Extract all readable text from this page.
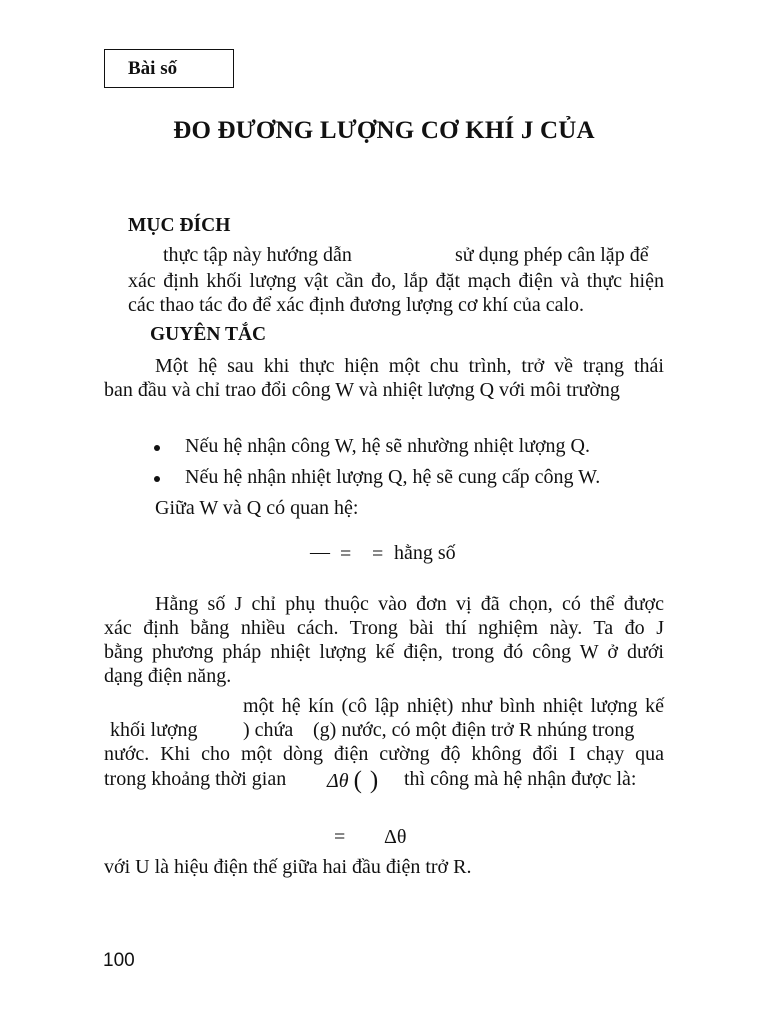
Bài số
ĐO ĐƯƠNG LƯỢNG CƠ KHÍ J CỦA
MỤC ĐÍCH
thực tập này hướng dẫn	sử dụng phép cân lặp để
xác định khối lượng vật cần đo, lắp đặt mạch điện và thực hiện
các thao tác đo để xác định đương lượng cơ khí của calo.
GUYÊN TẮC
Một hệ sau khi thực hiện một chu trình, trở về trạng thái
ban đầu và chỉ trao đổi công W và nhiệt lượng Q với môi trường
Nếu hệ nhận công W, hệ sẽ nhường nhiệt lượng Q.
Nếu hệ nhận nhiệt lượng Q, hệ sẽ cung cấp công W.
Giữa W và Q có quan hệ:
— = = hằng số
Hằng số J chỉ phụ thuộc vào đơn vị đã chọn, có thể được
xác định bằng nhiều cách. Trong bài thí nghiệm này. Ta đo J
bằng phương pháp nhiệt lượng kế điện, trong đó công W ở dưới
dạng điện năng.
một hệ kín (cô lập nhiệt) như bình nhiệt lượng kế
khối lượng ) chứa (g) nước, có một điện trở R nhúng trong
nước. Khi cho một dòng điện cường độ không đổi I chạy qua
trong khoảng thời gian Δθ ( ) thì công mà hệ nhận được là:
= Δθ
với U là hiệu điện thế giữa hai đầu điện trở R.
100
